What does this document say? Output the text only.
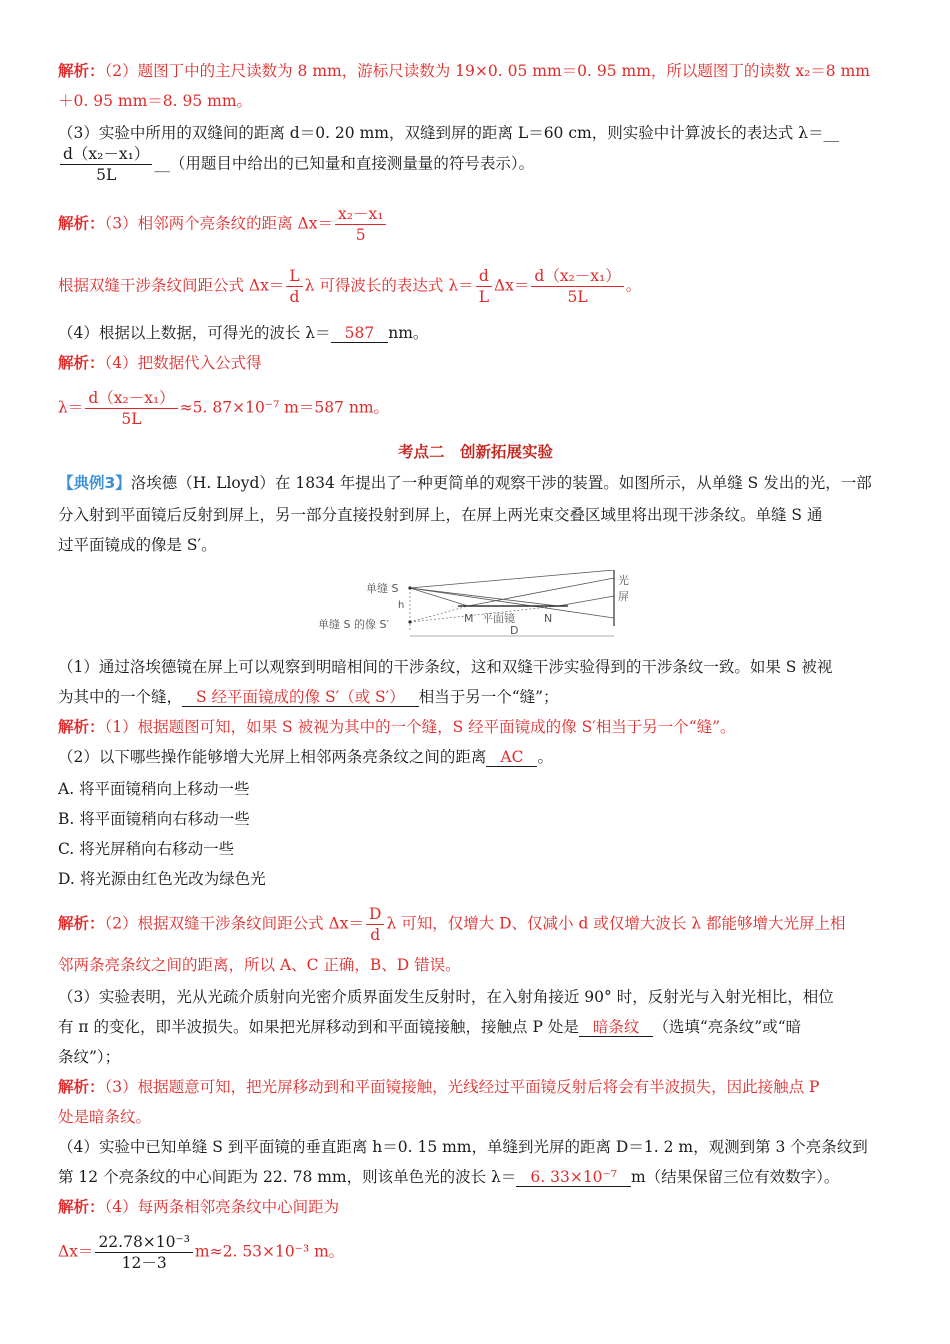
解析：（2）题图丁中的主尺读数为 8 mm，游标尺读数为 19×0. 05 mm＝0. 95 mm，所以题图丁的读数 x₂＝8 mm
＋0. 95 mm＝8. 95 mm。
（3）实验中所用的双缝间的距离 d＝0. 20 mm，双缝到屏的距离 L＝60 cm，则实验中计算波长的表达式 λ＝__
$\frac{\text{d（x₂－x₁）}}{5L}$ __（用题目中给出的已知量和直接测量量的符号表示）。
解析：（3）相邻两个亮条纹的距离 $\Delta x= \frac{\text{x₂－x₁}}{5}$
根据双缝干涉条纹间距公式 $\Delta x= \frac{L}{d}$ λ 可得波长的表达式 $\lambda= \frac{d}{L} \Delta x= \frac{\text{d（x₂－x₁）}}{5L}$ 。
（4）根据以上数据，可得光的波长 λ＝ 587 nm。
解析：（4）把数据代入公式得
$\lambda= \frac{\text{d（x₂－x₁）}}{5L} \approx 5$. 87×10⁻⁷ m＝587 nm。
考点二　创新拓展实验
【典例3】洛埃德（H. Lloyd）在 1834 年提出了一种更简单的观察干涉的装置。如图所示，从单缝 S 发出的光，一部
分入射到平面镜后反射到屏上，另一部分直接投射到屏上，在屏上两光束交叠区域里将出现干涉条纹。单缝 S 通
过平面镜成的像是 S′。
单缝 S
h
单缝 S 的像 S′	M 平面镜	N
D
光
屏
（1）通过洛埃德镜在屏上可以观察到明暗相间的干涉条纹，这和双缝干涉实验得到的干涉条纹一致。如果 S 被视
为其中的一个缝， S 经平面镜成的像 S′（或 S′） 相当于另一个“缝”；
解析：（1）根据题图可知，如果 S 被视为其中的一个缝，S 经平面镜成的像 S′相当于另一个“缝”。
（2）以下哪些操作能够增大光屏上相邻两条亮条纹之间的距离 AC 。
A. 将平面镜稍向上移动一些
B. 将平面镜稍向右移动一些
C. 将光屏稍向右移动一些
D. 将光源由红色光改为绿色光
解析：（2）根据双缝干涉条纹间距公式 $\Delta x= \frac{D}{d}$ λ 可知，仅增大 D、仅减小 d 或仅增大波长 λ 都能够增大光屏上相
邻两条亮条纹之间的距离，所以 A、C 正确，B、D 错误。
（3）实验表明，光从光疏介质射向光密介质界面发生反射时，在入射角接近 90° 时，反射光与入射光相比，相位
有 π 的变化，即半波损失。如果把光屏移动到和平面镜接触，接触点 P 处是 暗条纹 （选填“亮条纹”或“暗
条纹”）；
解析：（3）根据题意可知，把光屏移动到和平面镜接触，光线经过平面镜反射后将会有半波损失，因此接触点 P
处是暗条纹。
（4）实验中已知单缝 S 到平面镜的垂直距离 h＝0. 15 mm，单缝到光屏的距离 D＝1. 2 m，观测到第 3 个亮条纹到
第 12 个亮条纹的中心间距为 22. 78 mm，则该单色光的波长 λ＝ 6. 33×10⁻⁷ m（结果保留三位有效数字）。
解析：（4）每两条相邻亮条纹中心间距为
$\Delta x= \frac{\text{22.78×10⁻³}}{12-3} m\approx 2$. 53×10⁻³ m。
